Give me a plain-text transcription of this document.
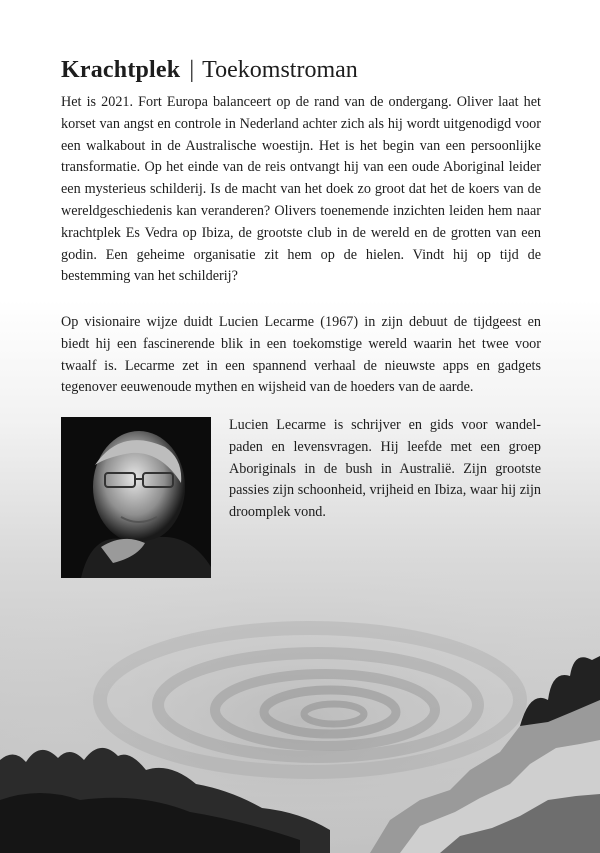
Krachtplek | Toekomstroman

Het is 2021. Fort Europa balanceert op de rand van de ondergang. Oliver laat het korset van angst en controle in Nederland achter zich als hij wordt uitgenodigd voor een walkabout in de Australische woestijn. Het is het begin van een persoonlijke transformatie. Op het einde van de reis ontvangt hij van een oude Aboriginal leider een mysterieus schilderij. Is de macht van het doek zo groot dat het de koers van de wereldgeschiedenis kan veranderen? Olivers toenemende inzichten leiden hem naar krachtplek Es Vedra op Ibiza, de grootste club in de wereld en de grotten van een godin. Een geheime organisatie zit hem op de hielen. Vindt hij op tijd de bestemming van het schilderij?

Op visionaire wijze duidt Lucien Lecarme (1967) in zijn debuut de tijdgeest en biedt hij een fascinerende blik in een toekomstige wereld waarin het twee voor twaalf is. Lecarme zet in een spannend verhaal de nieuwste apps en gadgets tegenover eeuwenoude mythen en wijsheid van de hoeders van de aarde.

Lucien Lecarme is schrijver en gids voor wandel- paden en levensvragen. Hij leefde met een groep Aboriginals in de bush in Australië. Zijn grootste passies zijn schoonheid, vrijheid en Ibiza, waar hij zijn droomplek vond.
